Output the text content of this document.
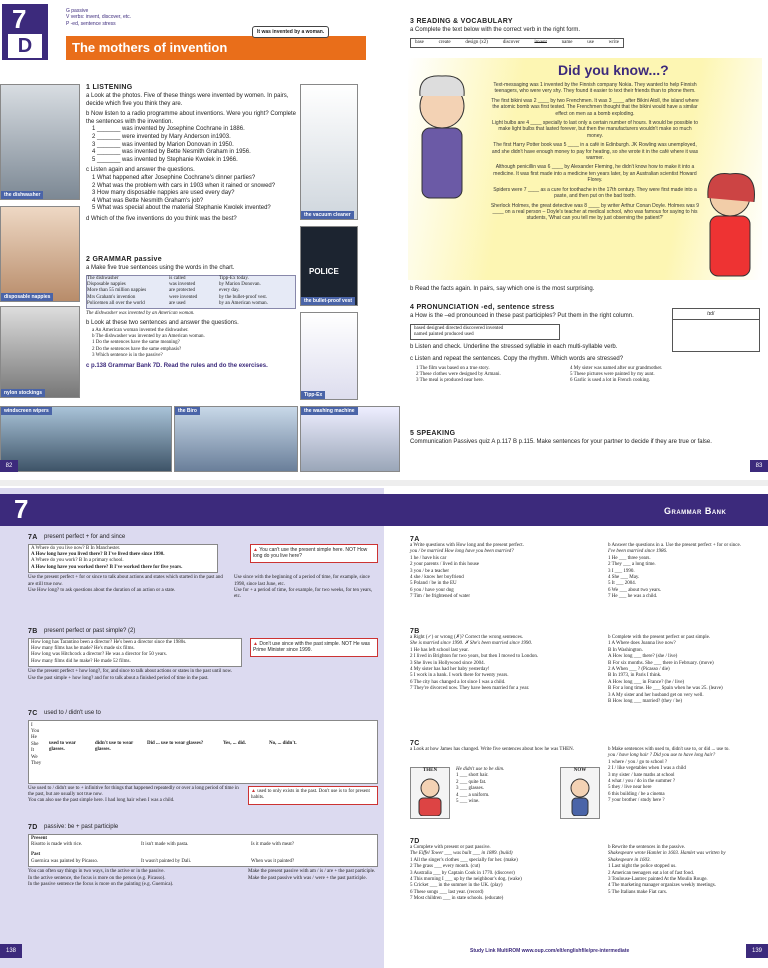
7
D
G passive
V verbs: invent, discover, etc.
P -ed, sentence stress
The mothers of invention
It was invented by a woman.
the dishwasher
disposable nappies
nylon stockings
windscreen wipers	the Biro	the washing machine
the vacuum cleaner
POLICE
the bullet-proof vest
Tipp-Ex
1 LISTENING
a Look at the photos. Five of these things were invented by women. In pairs, decide which five you think they are.
b Now listen to a radio programme about inventions. Were you right? Complete the sentences with the invention.
1 _______ was invented by Josephine Cochrane in 1886.
2 _______ were invented by Mary Anderson in1903.
3 _______ was invented by Marion Donovan in 1950.
4 _______ was invented by Bette Nesmith Graham in 1956.
5 _______ was invented by Stephanie Kwolek in 1966.
c Listen again and answer the questions.
1 What happened after Josephine Cochrane's dinner parties?
2 What was the problem with cars in 1903 when it rained or snowed?
3 How many disposable nappies are used every day?
4 What was Bette Nesmith Graham's job?
5 What was special about the material Stephanie Kwolek invented?
d Which of the five inventions do you think was the best?
2 GRAMMAR passive
a Make five true sentences using the words in the chart.
The dishwasher	is called	Tipp-Ex today.
Disposable nappies	was invented	by Marion Donovan.
More than 55 million nappies	are protected	every day.
Mrs Graham's invention	were invented	by the bullet-proof vest.
Policemen all over the world	are used	by an American woman.
The dishwasher was invented by an American woman.
b Look at these two sentences and answer the questions.
a An American woman invented the dishwasher.
b The dishwasher was invented by an American woman.
1 Do the sentences have the same meaning?
2 Do the sentences have the same emphasis?
3 Which sentence is in the passive?
c p.138 Grammar Bank 7D. Read the rules and do the exercises.
82	83
3 READING & VOCABULARY
a Complete the text below with the correct verb in the right form.
base	create	design (x2)	discover	invent	name	use	write
Did you know...?

Text-messaging was 1 invented by the Finnish company Nokia. They wanted to help Finnish teenagers, who were very shy. They found it easier to text their friends than to phone them.

The first bikini was 2 ____ by two Frenchmen. It was 3 ____ after Bikini Atoll, the island where the atomic bomb was first tested. The Frenchmen thought that the bikini would have a similar effect on men as a bomb exploding.

Light bulbs are 4 ____ specially to last only a certain number of hours. It would be possible to make light bulbs that lasted forever, but then the manufacturers wouldn't make so much money.

The first Harry Potter book was 5 ____ in a café in Edinburgh. JK Rowling was unemployed, and she didn't have enough money to pay for heating, so she wrote it in the café where it was warmer.

Although penicillin was 6 ____ by Alexander Fleming, he didn't know how to make it into a medicine. It was first made into a medicine ten years later, by an Australian scientist Howard Florey.

Spiders were 7 ____ as a cure for toothache in the 17th century. They were first made into a paste, and then put on the bad tooth.

Sherlock Holmes, the great detective was 8 ____ by writer Arthur Conan Doyle. Holmes was 9 ____ on a real person – Doyle's teacher at medical school, who was famous for saying to his students, 'What can you tell me by just observing the patient?'

b Read the facts again. In pairs, say which one is the most surprising.
4 PRONUNCIATION -ed, sentence stress
a How is the –ed pronounced in these past participles? Put them in the right column.
based designed directed discovered invented
named painted produced used
/ɪd/
b Listen and check. Underline the stressed syllable in each multi-syllable verb.
c Listen and repeat the sentences. Copy the rhythm. Which words are stressed?
1 The film was based on a true story.
2 These clothes were designed by Armani.
3 The meal is produced near here.
4 My sister was named after our grandmother.
5 These pictures were painted by my aunt.
6 Garlic is used a lot in French cooking.
5 SPEAKING
Communication Passives quiz A p.117 B p.115. Make sentences for your partner to decide if they are true or false.
7	Grammar Bank
7A	present perfect + for and since
A Where do you live now? B In Manchester.
A How long have you lived there? B I've lived there since 1990.
A Where do you work? B In a primary school.
A How long have you worked there? B I've worked there for five years.
▲ You can't use the present simple here. NOT How long do you live here?
Use the present perfect + for or since to talk about actions and states which started in the past and are still true now.
Use How long? to ask questions about the duration of an action or a state.
Use since with the beginning of a period of time, for example, since 1998, since last June, etc.
Use for + a period of time, for example, for two weeks, for ten years, etc.
7B	present perfect or past simple? (2)
How long has Tarantino been a director? He's been a director since the 1980s.
How many films has he made? He's made six films.
How long was Hitchcock a director? He was a director for 50 years.
How many films did he make? He made 52 films.
▲ Don't use since with the past simple. NOT He was Prime Minister since 1999.
Use the present perfect + how long?, for, and since to talk about actions or states in the past until now.
Use the past simple + how long? and for to talk about a finished period of time in the past.
7C	used to / didn't use to
I
You
He
She
It
We
They
used to wear glasses.
didn't use to wear glasses.
Did ... use to wear glasses?	Yes, ... did.	No, ... didn't.
Use used to / didn't use to + infinitive for things that happened repeatedly or over a long period of time in the past, but are usually not true now.
You can also use the past simple here. I had long hair when I was a child.
▲ used to only exists in the past. Don't use is to for present habits.
7D	passive: be + past participle
Present
Risotto is made with rice.	It isn't made with pasta.	Is it made with meat?
Past
Guernica was painted by Picasso.	It wasn't painted by Dali.	When was it painted?
You can often say things in two ways, in the active or in the passive.
In the active sentence, the focus is more on the person (e.g. Picasso).
In the passive sentence the focus is more on the painting (e.g. Guernica).
Make the present passive with am / is / are + the past participle.
Make the past passive with was / were + the past participle.
7A
a Write questions with How long and the present perfect.
you / be married How long have you been married?
1 he / have his car
2 your parents / lived in this house
3 you / be a teacher
4 she / know her boyfriend
5 Poland / be in the EU
6 you / have your dog
7 Tim / be frightened of water
b Answer the questions in a. Use the present perfect + for or since.
I've been married since 1986.
1 He ___ three years.
2 They ___ a long time.
3 I ___ 1990.
4 She ___ May.
5 It ___ 2004.
6 We ___ about two years.
7 He ___ he was a child.
7B
a Right (✓) or wrong (✗)? Correct the wrong sentences.
She is married since 1990. ✗ She's been married since 1990.
1 He has left school last year.
2 I lived in Brighton for two years, but then I moved to London.
3 She lives in Hollywood since 2004.
4 My sister has had her baby yesterday!
5 I work in a bank. I work there for twenty years.
6 The city has changed a lot since I was a child.
7 They're divorced now. They have been married for a year.
b Complete with the present perfect or past simple.
1 A Where does Joanna live now?
B In Washington.
A How long ___ there? (she / live)
B For six months. She ___ there in February. (move)
2 A When ___ ? (Picasso / die)
B In 1973, in Paris I think.
A How long ___ in France? (he / live)
B For a long time. He ___ Spain when he was 25. (leave)
3 A My sister and her husband get on very well.
B How long ___ married? (they / be)
7C
a Look at how James has changed. Write five sentences about how he was THEN.
THEN	NOW
He didn't use to be slim.
1 ___ short hair.
2 ___ quite fat.
3 ___ glasses.
4 ___ a uniform.
5 ___ wine.
b Make sentences with used to, didn't use to, or did ... use to.
you / have long hair ? Did you use to have long hair?
1 where / you / go to school ?
2 I / like vegetables when I was a child
3 my sister / hate maths at school
4 what / you / do in the summer ?
5 they / live near here
6 this building / be a cinema
7 your brother / study here ?
7D
a Complete with present or past passive.
The Eiffel Tower ___ was built ___ in 1889. (build)
1 All the singer's clothes ___ specially for her. (make)
2 The grass ___ every month. (cut)
3 Australia ___ by Captain Cook in 1770. (discover)
4 This morning I ___ up by the neighbour's dog. (wake)
5 Cricket ___ in the summer in the UK. (play)
6 These songs ___ last year. (record)
7 Most children ___ in state schools. (educate)
b Rewrite the sentences in the passive.
Shakespeare wrote Hamlet in 1603. Hamlet was written by Shakespeare in 1603.
1 Last night the police stopped us.
2 American teenagers eat a lot of fast food.
3 Toulouse-Lautrec painted At the Moulin Rouge.
4 The marketing manager organizes weekly meetings.
5 The Italians make Fiat cars.
138	Study Link MultiROM www.oup.com/elt/englishfile/pre-intermediate	139
